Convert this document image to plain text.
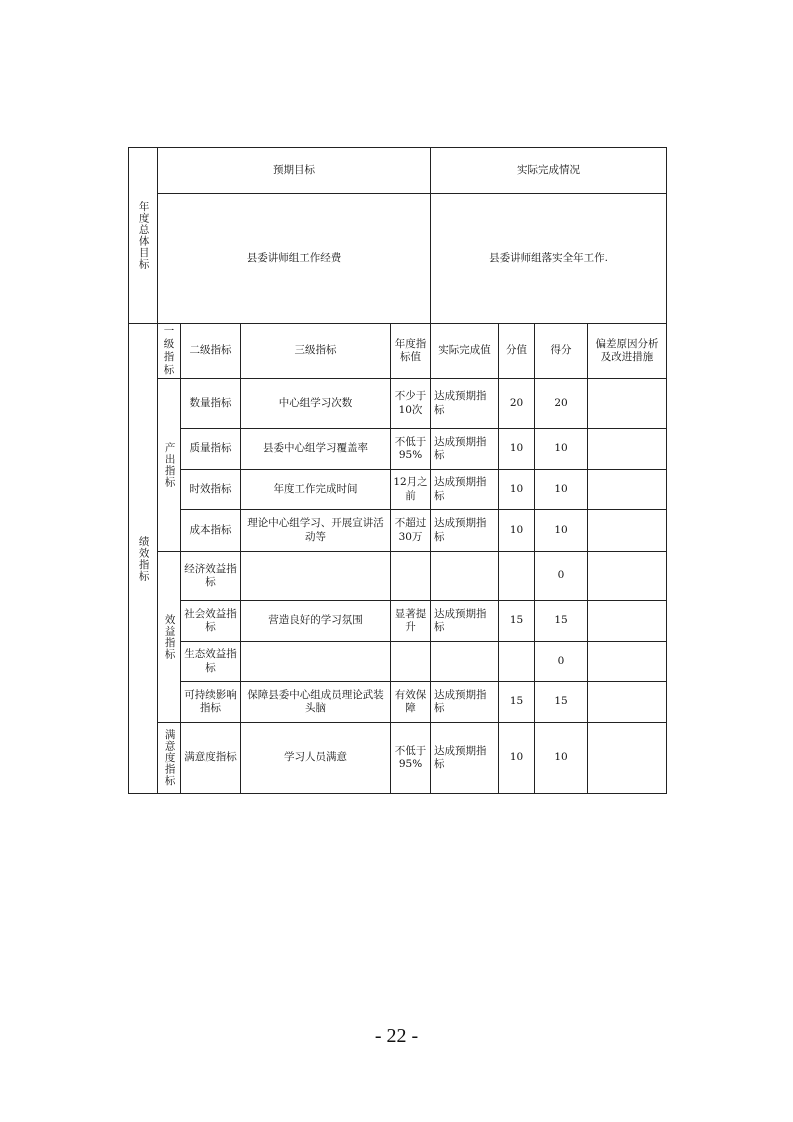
年度总体目标	预期目标				实际完成情况			
	县委讲师组工作经费				县委讲师组落实全年工作.			
绩效指标	一级指标	二级指标	三级指标	年度指标值	实际完成值	分值	得分	偏差原因分析及改进措施
	产出指标	数量指标	中心组学习次数	不少于10次	达成预期指标	20	20	
		质量指标	县委中心组学习覆盖率	不低于95%	达成预期指标	10	10	
		时效指标	年度工作完成时间	12月之前	达成预期指标	10	10	
		成本指标	理论中心组学习、开展宣讲活动等	不超过30万	达成预期指标	10	10	
	效益指标	经济效益指标					0	
		社会效益指标	营造良好的学习氛围	显著提升	达成预期指标	15	15	
		生态效益指标					0	
		可持续影响指标	保障县委中心组成员理论武装头脑	有效保障	达成预期指标	15	15	
	满意度指标	满意度指标	学习人员满意	不低于95%	达成预期指标	10	10	
- 22 -
